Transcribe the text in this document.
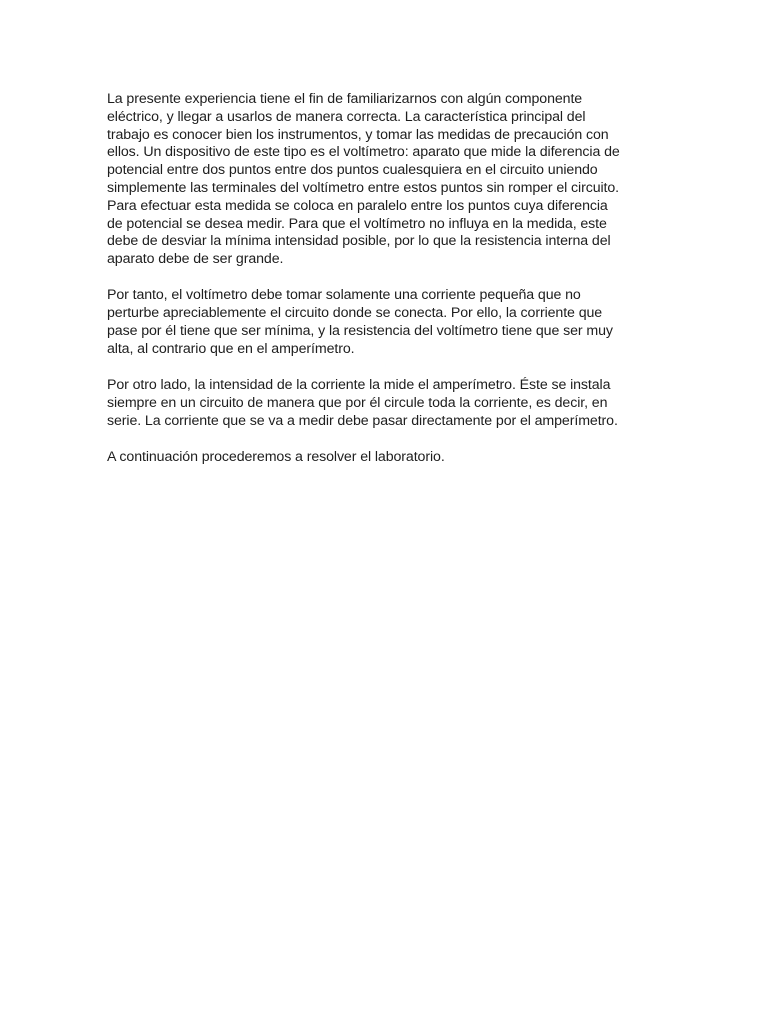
La presente experiencia tiene el fin de familiarizarnos con algún componente
eléctrico, y llegar a usarlos de manera correcta. La característica principal del
trabajo es conocer bien los instrumentos, y tomar las medidas de precaución con
ellos. Un dispositivo de este tipo es el voltímetro: aparato que mide la diferencia de
potencial entre dos puntos entre dos puntos cualesquiera en el circuito uniendo
simplemente las terminales del voltímetro entre estos puntos sin romper el circuito.
Para efectuar esta medida se coloca en paralelo entre los puntos cuya diferencia
de potencial se desea medir. Para que el voltímetro no influya en la medida, este
debe de desviar la mínima intensidad posible, por lo que la resistencia interna del
aparato debe de ser grande.

Por tanto, el voltímetro debe tomar solamente una corriente pequeña que no
perturbe apreciablemente el circuito donde se conecta. Por ello, la corriente que
pase por él tiene que ser mínima, y la resistencia del voltímetro tiene que ser muy
alta, al contrario que en el amperímetro.

Por otro lado, la intensidad de la corriente la mide el amperímetro. Éste se instala
siempre en un circuito de manera que por él circule toda la corriente, es decir, en
serie. La corriente que se va a medir debe pasar directamente por el amperímetro.

A continuación procederemos a resolver el laboratorio.
